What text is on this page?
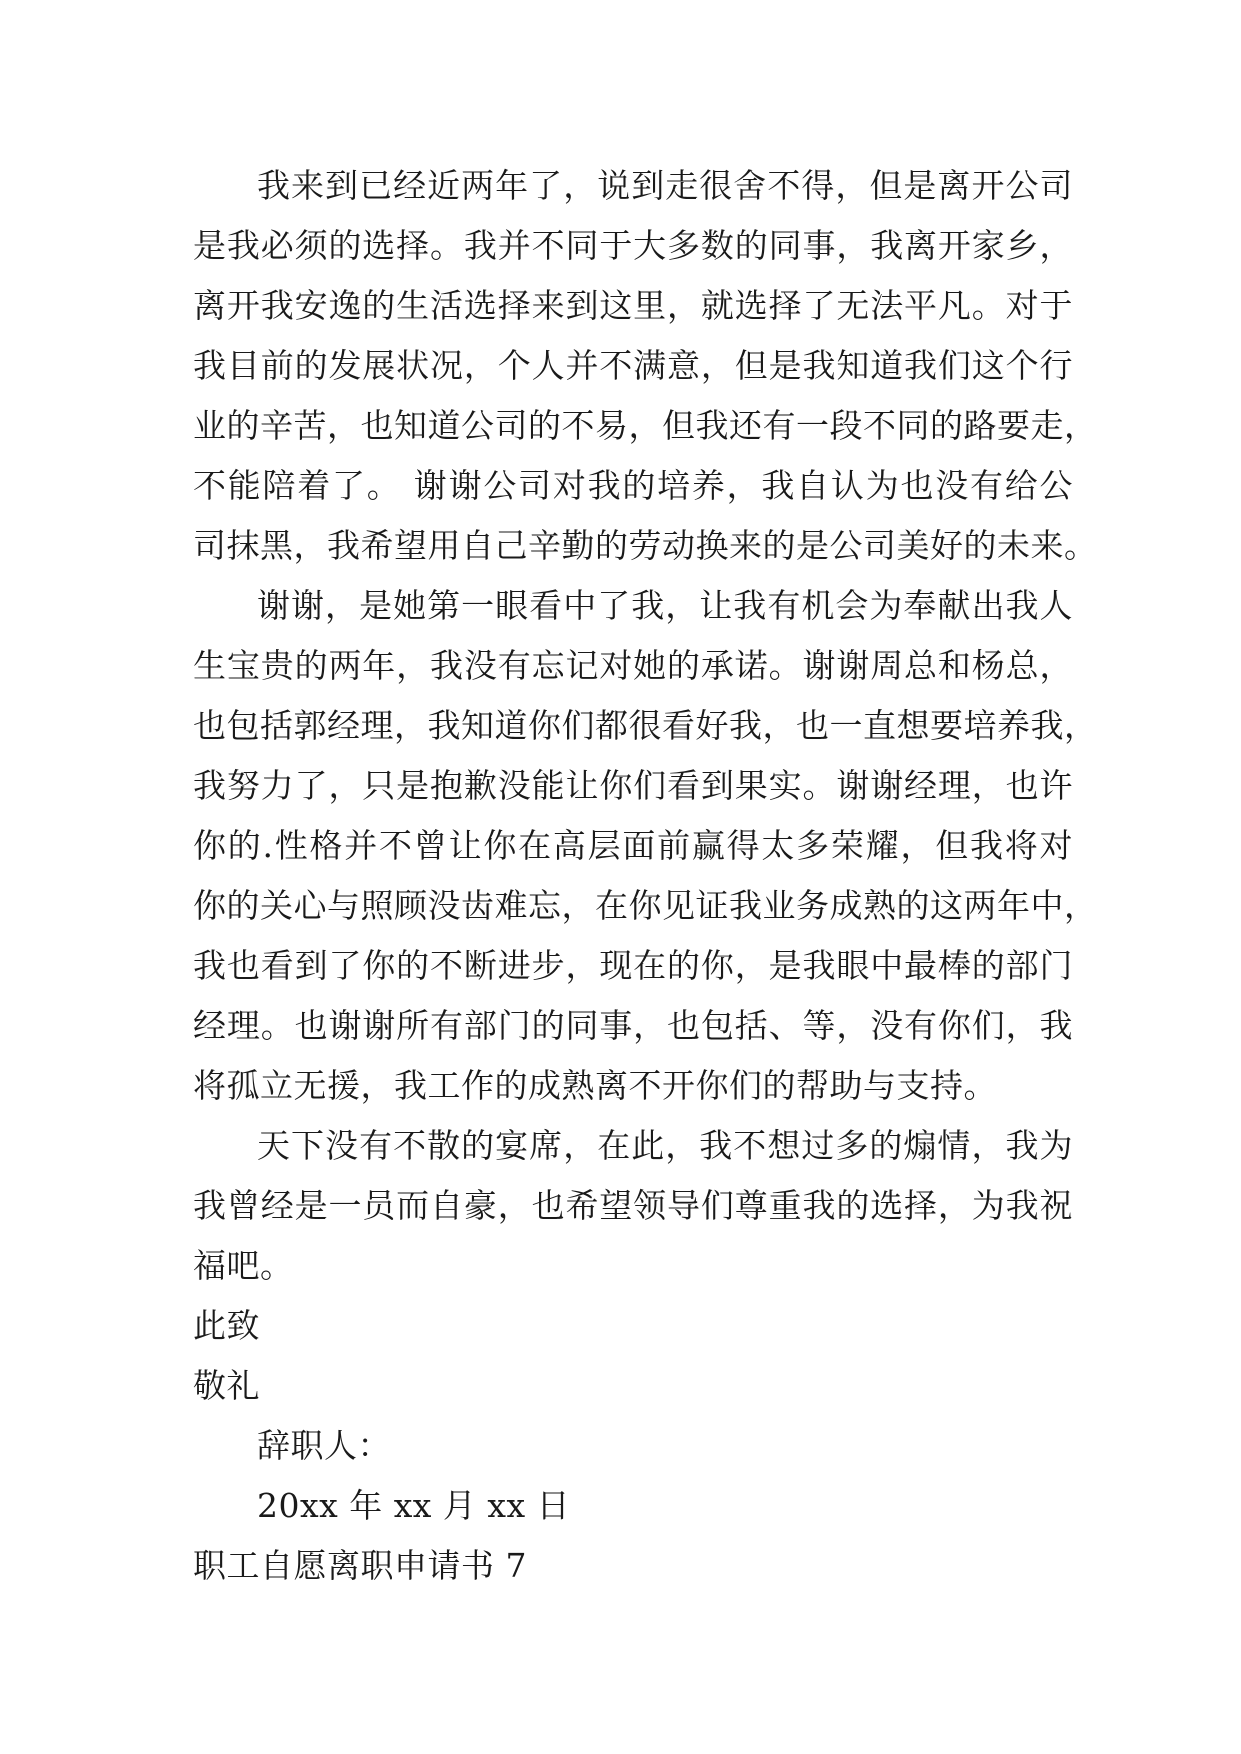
我来到已经近两年了，说到走很舍不得，但是离开公司
是我必须的选择。我并不同于大多数的同事，我离开家乡，
离开我安逸的生活选择来到这里，就选择了无法平凡。对于
我目前的发展状况，个人并不满意，但是我知道我们这个行
业的辛苦，也知道公司的不易，但我还有一段不同的路要走，
不能陪着了。 谢谢公司对我的培养，我自认为也没有给公
司抹黑，我希望用自己辛勤的劳动换来的是公司美好的未来。
谢谢，是她第一眼看中了我，让我有机会为奉献出我人
生宝贵的两年，我没有忘记对她的承诺。谢谢周总和杨总，
也包括郭经理，我知道你们都很看好我，也一直想要培养我，
我努力了，只是抱歉没能让你们看到果实。谢谢经理，也许
你的.性格并不曾让你在高层面前赢得太多荣耀，但我将对
你的关心与照顾没齿难忘，在你见证我业务成熟的这两年中，
我也看到了你的不断进步，现在的你，是我眼中最棒的部门
经理。也谢谢所有部门的同事，也包括、等，没有你们，我
将孤立无援，我工作的成熟离不开你们的帮助与支持。
天下没有不散的宴席，在此，我不想过多的煽情，我为
我曾经是一员而自豪，也希望领导们尊重我的选择，为我祝
福吧。
此致
敬礼
辞职人：
20xx 年 xx 月 xx 日
职工自愿离职申请书 7
